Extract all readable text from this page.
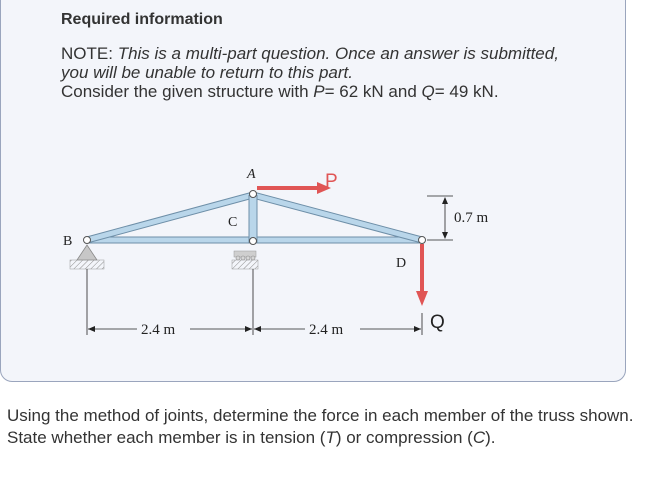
Required information

NOTE: This is a multi-part question. Once an answer is submitted, you will be unable to return to this part.
Consider the given structure with P= 62 kN and Q= 49 kN.

A
B
C
D
P
Q
0.7 m
2.4 m	2.4 m

Using the method of joints, determine the force in each member of the truss shown. State whether each member is in tension (T) or compression (C).
